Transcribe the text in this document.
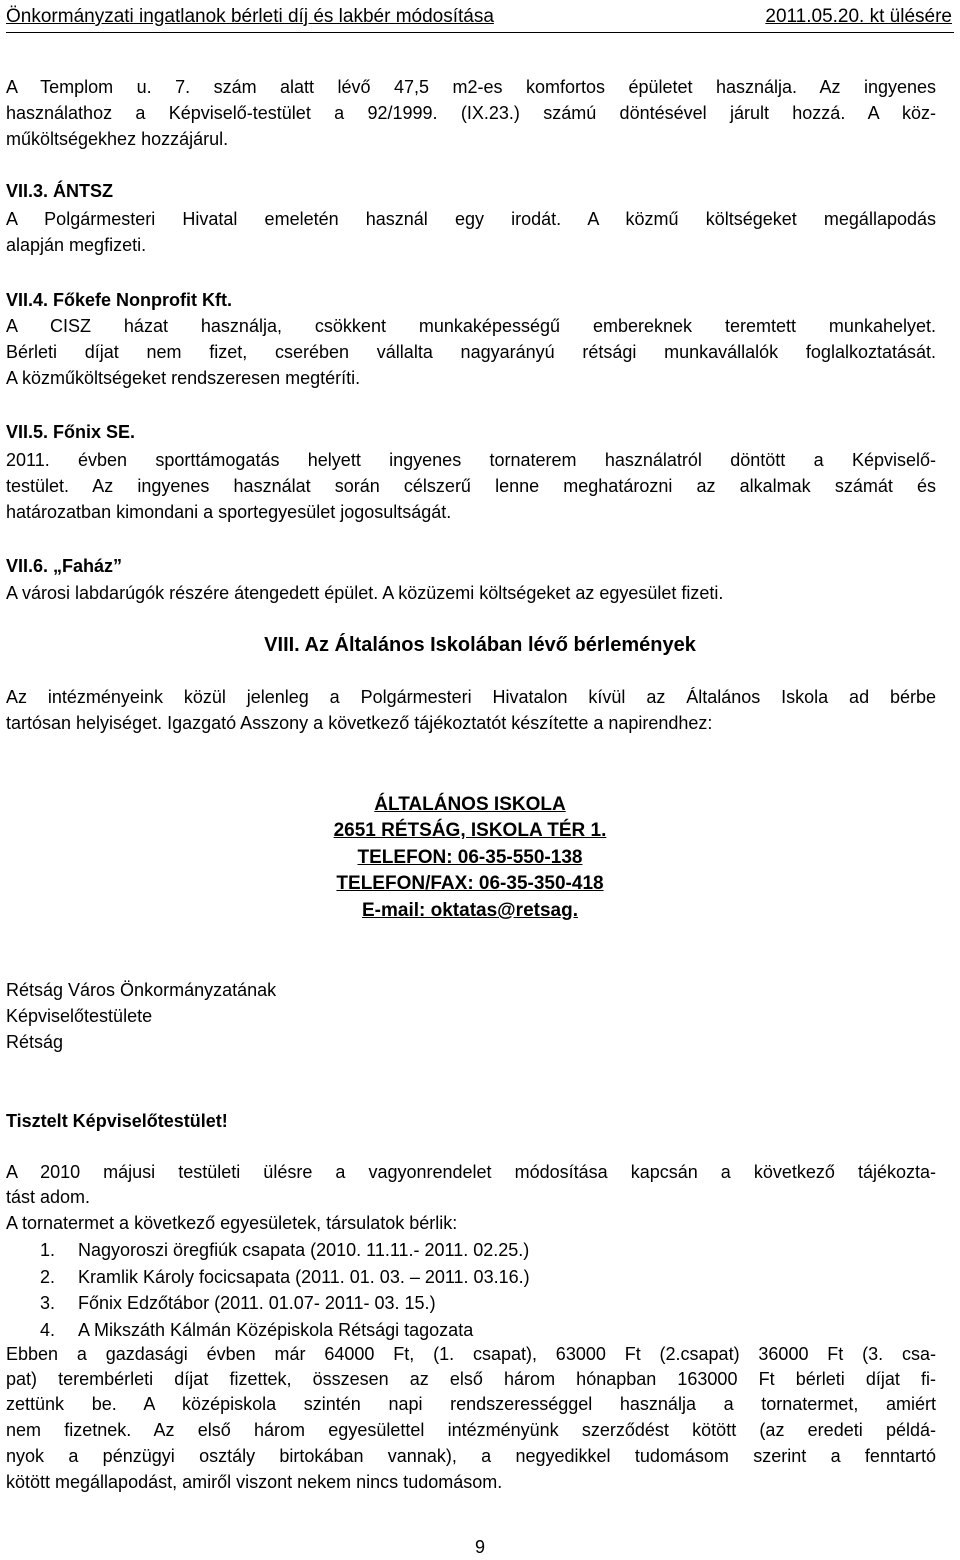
Önkormányzati ingatlanok bérleti díj és lakbér módosítása	2011.05.20. kt ülésére
A Templom u. 7. szám alatt lévő 47,5 m2-es komfortos épületet használja. Az ingyenes
használathoz a Képviselő-testület a 92/1999. (IX.23.) számú döntésével járult hozzá. A köz-
műköltségekhez hozzájárul.
VII.3. ÁNTSZ
A Polgármesteri Hivatal emeletén használ egy irodát. A közmű költségeket megállapodás
alapján megfizeti.
VII.4. Főkefe Nonprofit Kft.
A CISZ házat használja, csökkent munkaképességű embereknek teremtett munkahelyet.
Bérleti díjat nem fizet, cserében vállalta nagyarányú rétsági munkavállalók foglalkoztatását.
A közműköltségeket rendszeresen megtéríti.
VII.5. Főnix SE.
2011. évben sporttámogatás helyett ingyenes tornaterem használatról döntött a Képviselő-
testület. Az ingyenes használat során célszerű lenne meghatározni az alkalmak számát és
határozatban kimondani a sportegyesület jogosultságát.
VII.6. „Faház”
A városi labdarúgók részére átengedett épület. A közüzemi költségeket az egyesület fizeti.
VIII. Az Általános Iskolában lévő bérlemények
Az intézményeink közül jelenleg a Polgármesteri Hivatalon kívül az Általános Iskola ad bérbe
tartósan helyiséget. Igazgató Asszony a következő tájékoztatót készítette a napirendhez:
ÁLTALÁNOS ISKOLA
2651 RÉTSÁG, ISKOLA TÉR 1.
TELEFON: 06-35-550-138
TELEFON/FAX: 06-35-350-418
E-mail: oktatas@retsag.
Rétság Város Önkormányzatának
Képviselőtestülete
Rétság
Tisztelt Képviselőtestület!
A 2010 májusi testületi ülésre a vagyonrendelet módosítása kapcsán a következő tájékozta-
tást adom.
A tornatermet a következő egyesületek, társulatok bérlik:
1. Nagyoroszi öregfiúk csapata (2010. 11.11.- 2011. 02.25.)
2. Kramlik Károly focicsapata (2011. 01. 03. – 2011. 03.16.)
3. Főnix Edzőtábor (2011. 01.07- 2011- 03. 15.)
4. A Mikszáth Kálmán Középiskola Rétsági tagozata
Ebben a gazdasági évben már 64000 Ft, (1. csapat), 63000 Ft (2.csapat) 36000 Ft (3. csa-
pat) terembérleti díjat fizettek, összesen az első három hónapban 163000 Ft bérleti díjat fi-
zettünk be. A középiskola szintén napi rendszerességgel használja a tornatermet, amiért
nem fizetnek. Az első három egyesülettel intézményünk szerződést kötött (az eredeti példá-
nyok a pénzügyi osztály birtokában vannak), a negyedikkel tudomásom szerint a fenntartó
kötött megállapodást, amiről viszont nekem nincs tudomásom.
9
